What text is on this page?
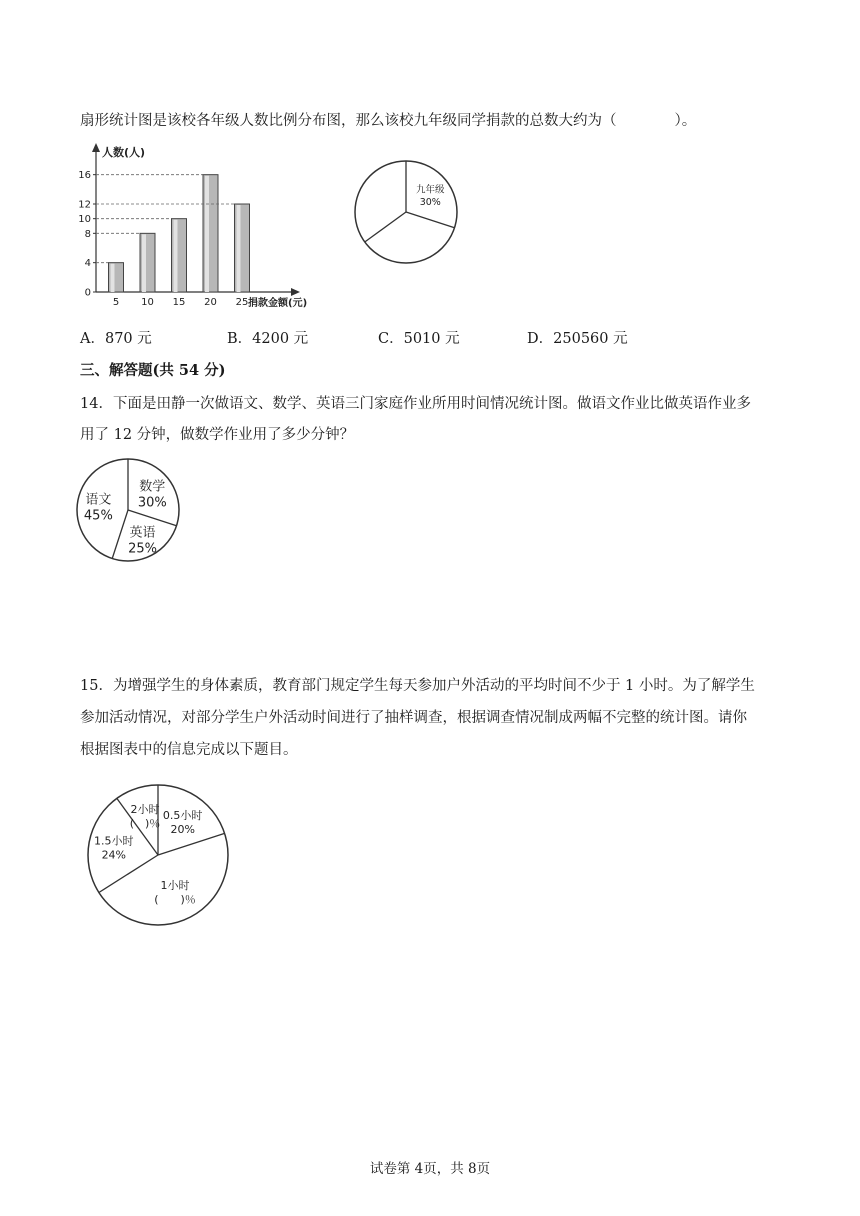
扇形统计图是该校各年级人数比例分布图，那么该校九年级同学捐款的总数大约为（　　　　）。
人数(人)
捐款金额(元)
0
4
8
10
12
16
5 10 15 20 25
九年级
30%
A．870 元	B．4200 元	C．5010 元	D．250560 元
三、解答题(共 54 分)
14．下面是田静一次做语文、数学、英语三门家庭作业所用时间情况统计图。做语文作业比做英语作业多
用了 12 分钟，做数学作业用了多少分钟？
数学
30%
英语
25%
语文
45%
15．为增强学生的身体素质，教育部门规定学生每天参加户外活动的平均时间不少于 1 小时。为了解学生
参加活动情况，对部分学生户外活动时间进行了抽样调查，根据调查情况制成两幅不完整的统计图。请你
根据图表中的信息完成以下题目。
0.5小时
20%
1小时
(　　)％
1.5小时
24%
2小时
(　)％
试卷第 4页，共 8页
